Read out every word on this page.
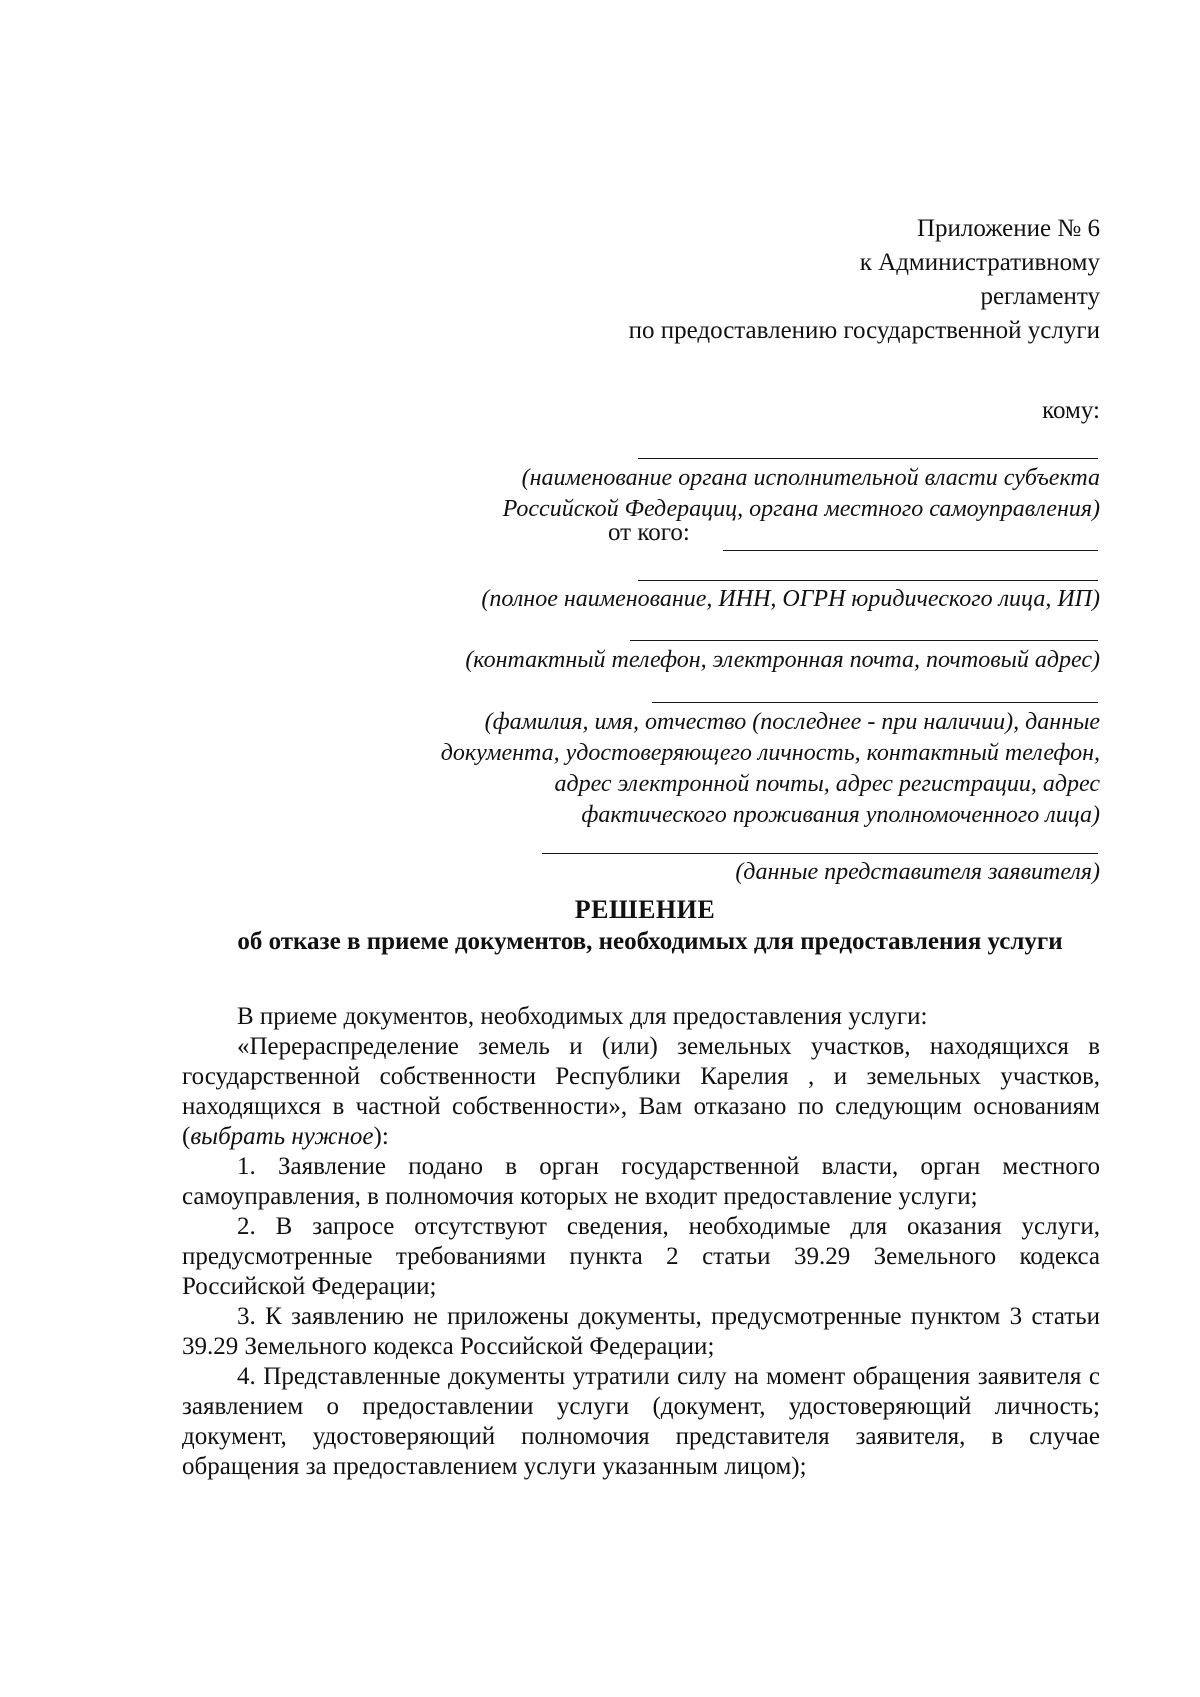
Приложение № 6
к Административному
регламенту
по предоставлению государственной услуги
кому:
(наименование органа исполнительной власти субъекта
Российской Федерациц, органа местного самоуправления)
от кого:
(полное наименование, ИНН, ОГРН юридического лица, ИП)
(контактный телефон, электронная почта, почтовый адрес)
(фамилия, имя, отчество (последнее - при наличии), данные
документа, удостоверяющего личность, контактный телефон,
адрес электронной почты, адрес регистрации, адрес
фактического проживания уполномоченного лица)
(данные представителя заявителя)
РЕШЕНИЕ
об отказе в приеме документов, необходимых для предоставления услуги

В приеме документов, необходимых для предоставления услуги:

«Перераспределение земель и (или) земельных участков, находящихся в государственной собственности Республики Карелия , и земельных участков, находящихся в частной собственности», Вам отказано по следующим основаниям (выбрать нужное):

1. Заявление подано в орган государственной власти, орган местного самоуправления, в полномочия которых не входит предоставление услуги;

2. В запросе отсутствуют сведения, необходимые для оказания услуги, предусмотренные требованиями пункта 2 статьи 39.29 Земельного кодекса Российской Федерации;

3. К заявлению не приложены документы, предусмотренные пунктом 3 статьи 39.29 Земельного кодекса Российской Федерации;

4. Представленные документы утратили силу на момент обращения заявителя с заявлением о предоставлении услуги (документ, удостоверяющий личность; документ, удостоверяющий полномочия представителя заявителя, в случае обращения за предоставлением услуги указанным лицом);
